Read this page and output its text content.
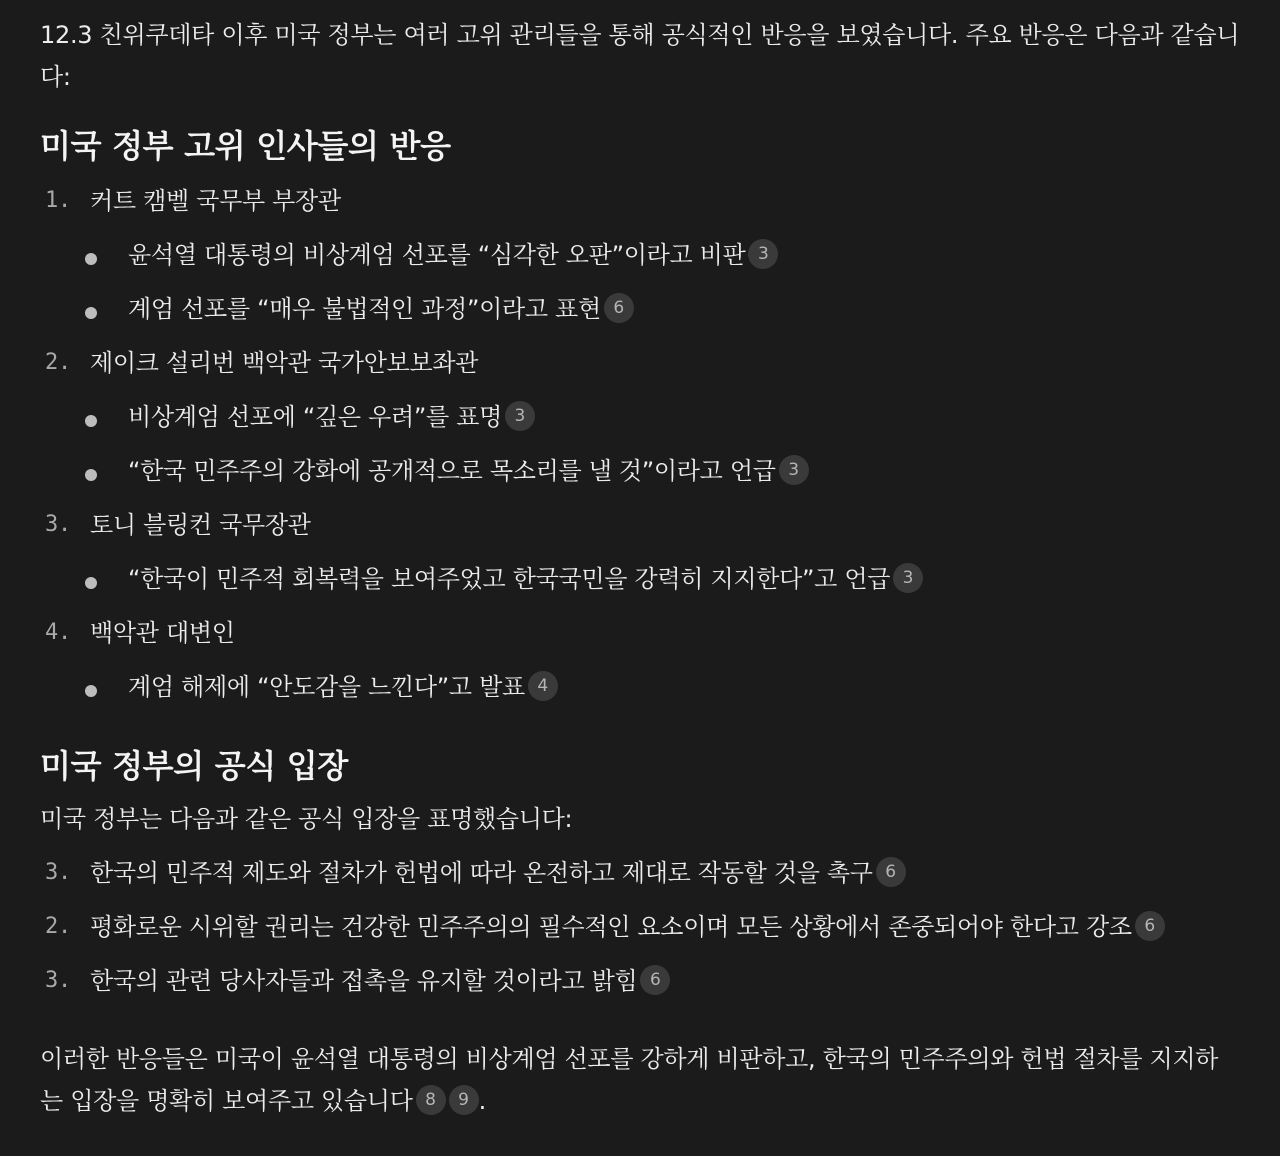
12.3 친위쿠데타 이후 미국 정부는 여러 고위 관리들을 통해 공식적인 반응을 보였습니다. 주요 반응은 다음과 같습니다:

미국 정부 고위 인사들의 반응
1. 커트 캠벨 국무부 부장관
윤석열 대통령의 비상계엄 선포를 “심각한 오판”이라고 비판 3
계엄 선포를 “매우 불법적인 과정”이라고 표현 6
2. 제이크 설리번 백악관 국가안보보좌관
비상계엄 선포에 “깊은 우려”를 표명 3
“한국 민주주의 강화에 공개적으로 목소리를 낼 것”이라고 언급 3
3. 토니 블링컨 국무장관
“한국이 민주적 회복력을 보여주었고 한국국민을 강력히 지지한다”고 언급 3
4. 백악관 대변인
계엄 해제에 “안도감을 느낀다”고 발표 4
미국 정부의 공식 입장

미국 정부는 다음과 같은 공식 입장을 표명했습니다:

3. 한국의 민주적 제도와 절차가 헌법에 따라 온전하고 제대로 작동할 것을 촉구 6
2. 평화로운 시위할 권리는 건강한 민주주의의 필수적인 요소이며 모든 상황에서 존중되어야 한다고 강조 6
3. 한국의 관련 당사자들과 접촉을 유지할 것이라고 밝힘 6

이러한 반응들은 미국이 윤석열 대통령의 비상계엄 선포를 강하게 비판하고, 한국의 민주주의와 헌법 절차를 지지하는 입장을 명확히 보여주고 있습니다 8 9 .
